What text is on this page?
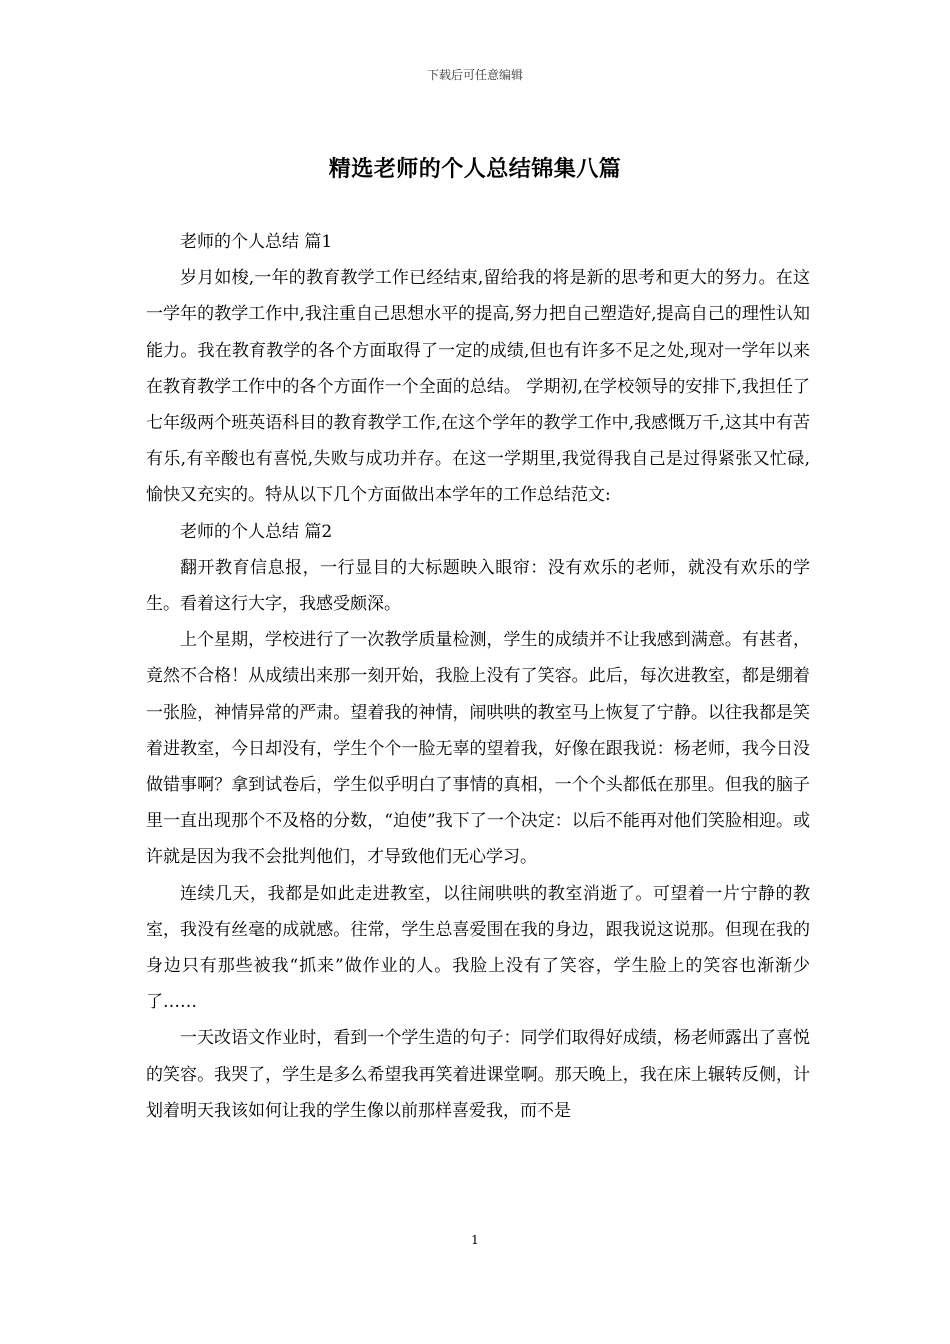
下载后可任意编辑
精选老师的个人总结锦集八篇

老师的个人总结 篇1

岁月如梭,一年的教育教学工作已经结束,留给我的将是新的思考和更大的努力。在这一学年的教学工作中,我注重自己思想水平的提高,努力把自己塑造好,提高自己的理性认知能力。我在教育教学的各个方面取得了一定的成绩,但也有许多不足之处,现对一学年以来在教育教学工作中的各个方面作一个全面的总结。 学期初,在学校领导的安排下,我担任了七年级两个班英语科目的教育教学工作,在这个学年的教学工作中,我感慨万千,这其中有苦有乐,有辛酸也有喜悦,失败与成功并存。在这一学期里,我觉得我自己是过得紧张又忙碌,愉快又充实的。特从以下几个方面做出本学年的工作总结范文:

老师的个人总结 篇2

翻开教育信息报，一行显目的大标题映入眼帘：没有欢乐的老师，就没有欢乐的学生。看着这行大字，我感受颇深。

上个星期，学校进行了一次教学质量检测，学生的成绩并不让我感到满意。有甚者，竟然不合格！从成绩出来那一刻开始，我脸上没有了笑容。此后，每次进教室，都是绷着一张脸，神情异常的严肃。望着我的神情，闹哄哄的教室马上恢复了宁静。以往我都是笑着进教室，今日却没有，学生个个一脸无辜的望着我，好像在跟我说：杨老师，我今日没做错事啊？拿到试卷后，学生似乎明白了事情的真相，一个个头都低在那里。但我的脑子里一直出现那个不及格的分数，“迫使”我下了一个决定：以后不能再对他们笑脸相迎。或许就是因为我不会批判他们，才导致他们无心学习。

连续几天，我都是如此走进教室，以往闹哄哄的教室消逝了。可望着一片宁静的教室，我没有丝毫的成就感。往常，学生总喜爱围在我的身边，跟我说这说那。但现在我的身边只有那些被我“抓来”做作业的人。我脸上没有了笑容，学生脸上的笑容也渐渐少了……

一天改语文作业时，看到一个学生造的句子：同学们取得好成绩，杨老师露出了喜悦的笑容。我哭了，学生是多么希望我再笑着进课堂啊。那天晚上，我在床上辗转反侧，计划着明天我该如何让我的学生像以前那样喜爱我，而不是

1
